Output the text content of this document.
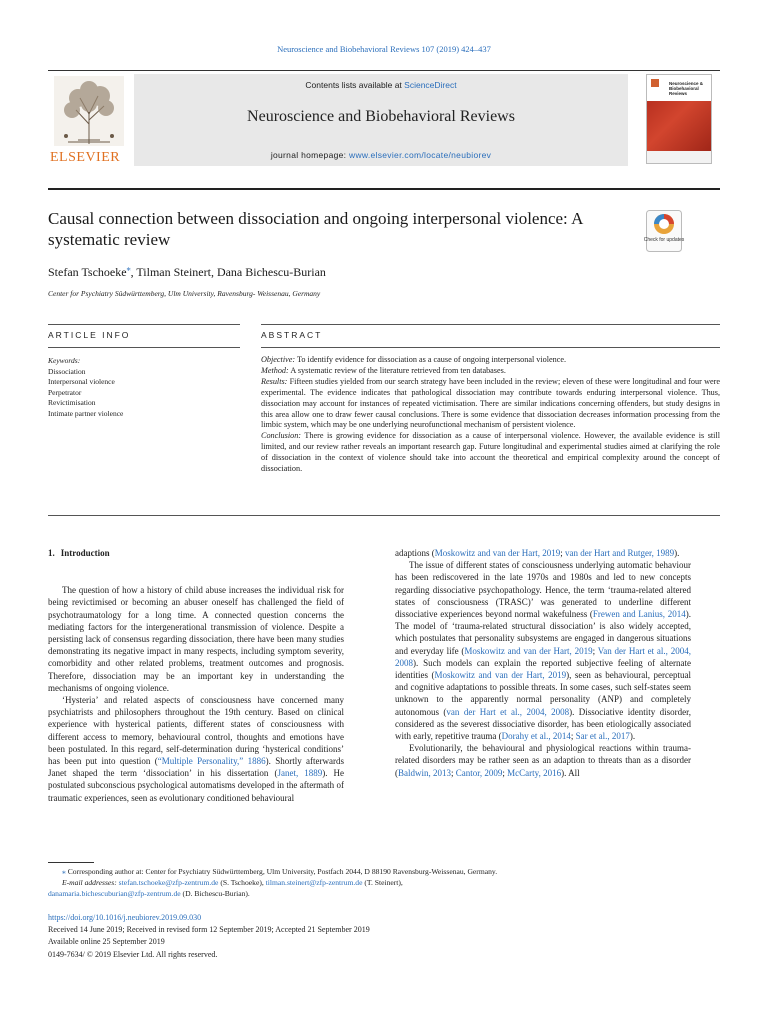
Neuroscience and Biobehavioral Reviews 107 (2019) 424–437
ELSEVIER
Contents lists available at ScienceDirect
Neuroscience and Biobehavioral Reviews
journal homepage: www.elsevier.com/locate/neubiorev
Neuroscience & Biobehavioral Reviews
Causal connection between dissociation and ongoing interpersonal violence: A systematic review	Check for updates
Stefan Tschoeke⁎, Tilman Steinert, Dana Bichescu-Burian
Center for Psychiatry Südwürttemberg, Ulm University, Ravensburg- Weissenau, Germany
ARTICLE INFO	ABSTRACT
Keywords:
Dissociation
Interpersonal violence
Perpetrator
Revictimisation
Intimate partner violence

Objective: To identify evidence for dissociation as a cause of ongoing interpersonal violence.

Method: A systematic review of the literature retrieved from ten databases.

Results: Fifteen studies yielded from our search strategy have been included in the review; eleven of these were longitudinal and four were experimental. The evidence indicates that pathological dissociation may contribute towards enduring interpersonal violence. Thus, dissociation may account for instances of repeated victimisation. There are similar indications concerning offenders, but study designs in this area allow one to draw fewer causal conclusions. There is some evidence that dissociation decreases information processing from the limbic system, which may be one underlying neurofunctional mechanism of persistent violence.

Conclusion: There is growing evidence for dissociation as a cause of interpersonal violence. However, the available evidence is still limited, and our review rather reveals an important research gap. Future longitudinal and experimental studies aimed at clarifying the role of dissociation in the context of violence should take into account the theoretical and empirical complexity around the concept of dissociation.

1. Introduction

The question of how a history of child abuse increases the individual risk for being revictimised or becoming an abuser oneself has challenged the field of psychotraumatology for a long time. A connected question concerns the mediating factors for the intergenerational transmission of violence. Despite a persisting lack of consensus regarding dissociation, there have been many studies demonstrating its negative impact in many respects, including symptom severity, comorbidity and other related problems, treatment outcomes and prognosis. Therefore, dissociation may be an important key in understanding the mechanisms of ongoing violence.

‘Hysteria’ and related aspects of consciousness have concerned many psychiatrists and philosophers throughout the 19th century. Based on clinical experience with hysterical patients, different states of consciousness with different access to memory, behavioural control, thoughts and emotions have been postulated. In this regard, self-determination during ‘hysterical conditions’ has been put into question (“Multiple Personality,” 1886). Shortly afterwards Janet shaped the term ‘dissociation’ in his dissertation (Janet, 1889). He postulated subconscious psychological automatisms developed in the aftermath of traumatic experiences, seen as evolutionary conditioned behavioural

adaptions (Moskowitz and van der Hart, 2019; van der Hart and Rutger, 1989).

The issue of different states of consciousness underlying automatic behaviour has been rediscovered in the late 1970s and 1980s and led to new concepts regarding dissociative psychopathology. Hence, the term ‘trauma-related altered states of consciousness (TRASC)’ was generated to underline different dissociative experiences beyond normal wakefulness (Frewen and Lanius, 2014). The model of ‘trauma-related structural dissociation’ is also widely accepted, which postulates that personality subsystems are engaged in dangerous situations and everyday life (Moskowitz and van der Hart, 2019; Van der Hart et al., 2004, 2008). Such models can explain the reported subjective feeling of alternate identities (Moskowitz and van der Hart, 2019), seen as behavioural, perceptual and cognitive adaptations to possible threats. In some cases, such self-states seem unknown to the apparently normal personality (ANP) and completely autonomous (van der Hart et al., 2004, 2008). Dissociative identity disorder, considered as the severest dissociative disorder, has been etiologically associated with early, repetitive trauma (Dorahy et al., 2014; Sar et al., 2017).

Evolutionarily, the behavioural and physiological reactions within trauma-related disorders may be rather seen as an adaption to threats than as a disorder (Baldwin, 2013; Cantor, 2009; McCarty, 2016). All

⁎ Corresponding author at: Center for Psychiatry Südwürttemberg, Ulm University, Postfach 2044, D 88190 Ravensburg-Weissenau, Germany.

E-mail addresses: stefan.tschoeke@zfp-zentrum.de (S. Tschoeke), tilman.steinert@zfp-zentrum.de (T. Steinert),

danamaria.bichescuburian@zfp-zentrum.de (D. Bichescu-Burian).

https://doi.org/10.1016/j.neubiorev.2019.09.030

Received 14 June 2019; Received in revised form 12 September 2019; Accepted 21 September 2019

Available online 25 September 2019

0149-7634/ © 2019 Elsevier Ltd. All rights reserved.
